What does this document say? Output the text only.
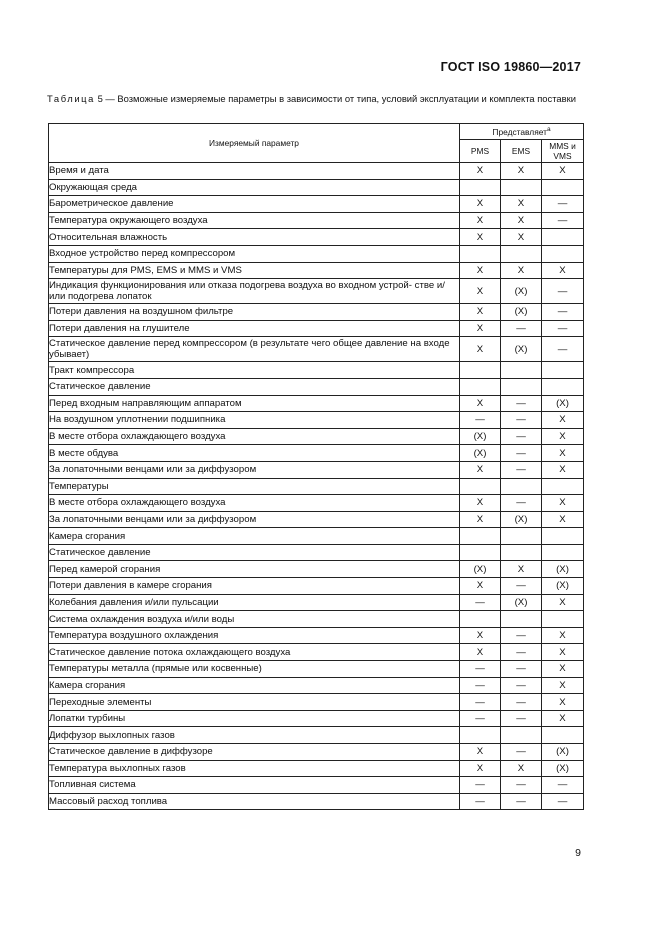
ГОСТ ISO 19860—2017
Таблица 5 — Возможные измеряемые параметры в зависимости от типа, условий эксплуатации и комплекта поставки
Измеряемый параметр	Представляет$^а$
	PMS	EMS	MMS и VMS
Время и дата	X	X	X
Окружающая среда			
Барометрическое давление	X	X	—
Температура окружающего воздуха	X	X	—
Относительная влажность	X	X	
Входное устройство перед компрессором			
Температуры для PMS, EMS и MMS и VMS	X	X	X
Индикация функционирования или отказа подогрева воздуха во входном устрой- стве и/или подогрева лопаток	X	(X)	—
Потери давления на воздушном фильтре	X	(X)	—
Потери давления на глушителе	X	—	—
Статическое давление перед компрессором (в результате чего общее давление на входе убывает)	X	(X)	—
Тракт компрессора			
Статическое давление			
Перед входным направляющим аппаратом	X	—	(X)
На воздушном уплотнении подшипника	—	—	X
В месте отбора охлаждающего воздуха	(X)	—	X
В месте обдува	(X)	—	X
За лопаточными венцами или за диффузором	X	—	X
Температуры			
В месте отбора охлаждающего воздуха	X	—	X
За лопаточными венцами или за диффузором	X	(X)	X
Камера сгорания			
Статическое давление			
Перед камерой сгорания	(X)	X	(X)
Потери давления в камере сгорания	X	—	(X)
Колебания давления и/или пульсации	—	(X)	X
Система охлаждения воздуха и/или воды			
Температура воздушного охлаждения	X	—	X
Статическое давление потока охлаждающего воздуха	X	—	X
Температуры металла (прямые или косвенные)	—	—	X
Камера сгорания	—	—	X
Переходные элементы	—	—	X
Лопатки турбины	—	—	X
Диффузор выхлопных газов			
Статическое давление в диффузоре	X	—	(X)
Температура выхлопных газов	X	X	(X)
Топливная система	—	—	—
Массовый расход топлива	—	—	—
9
